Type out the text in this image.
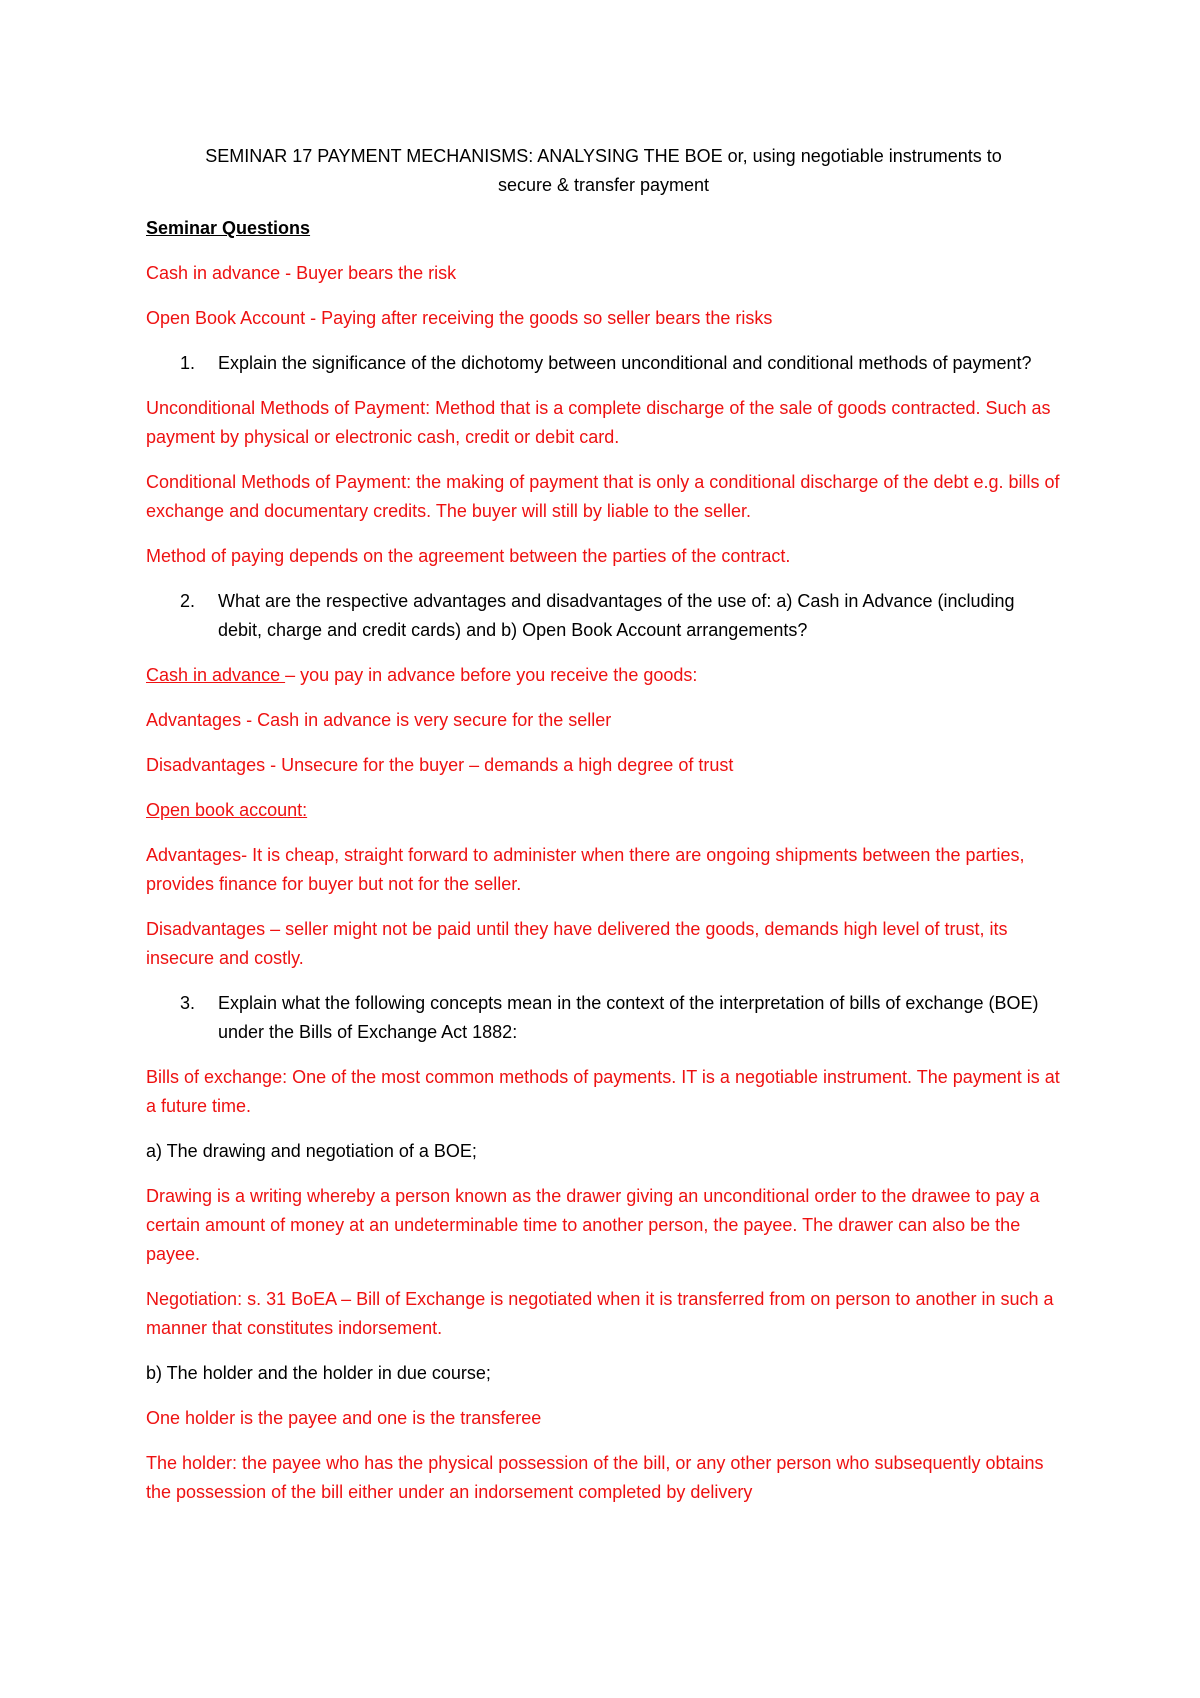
SEMINAR 17 PAYMENT MECHANISMS: ANALYSING THE BOE or, using negotiable instruments to
secure & transfer payment

Seminar Questions

Cash in advance - Buyer bears the risk

Open Book Account - Paying after receiving the goods so seller bears the risks

1.	Explain the significance of the dichotomy between unconditional and conditional methods of payment?

Unconditional Methods of Payment: Method that is a complete discharge of the sale of goods contracted. Such as payment by physical or electronic cash, credit or debit card.

Conditional Methods of Payment: the making of payment that is only a conditional discharge of the debt e.g. bills of exchange and documentary credits. The buyer will still by liable to the seller.

Method of paying depends on the agreement between the parties of the contract.

2.	What are the respective advantages and disadvantages of the use of: a) Cash in Advance (including debit, charge and credit cards) and b) Open Book Account arrangements?

Cash in advance – you pay in advance before you receive the goods:

Advantages - Cash in advance is very secure for the seller

Disadvantages - Unsecure for the buyer – demands a high degree of trust

Open book account:

Advantages- It is cheap, straight forward to administer when there are ongoing shipments between the parties, provides finance for buyer but not for the seller.

Disadvantages – seller might not be paid until they have delivered the goods, demands high level of trust, its insecure and costly.

3.	Explain what the following concepts mean in the context of the interpretation of bills of exchange (BOE) under the Bills of Exchange Act 1882:

Bills of exchange: One of the most common methods of payments. IT is a negotiable instrument. The payment is at a future time.

a) The drawing and negotiation of a BOE;

Drawing is a writing whereby a person known as the drawer giving an unconditional order to the drawee to pay a certain amount of money at an undeterminable time to another person, the payee. The drawer can also be the payee.

Negotiation: s. 31 BoEA – Bill of Exchange is negotiated when it is transferred from on person to another in such a manner that constitutes indorsement.

b) The holder and the holder in due course;

One holder is the payee and one is the transferee

The holder: the payee who has the physical possession of the bill, or any other person who subsequently obtains the possession of the bill either under an indorsement completed by delivery
